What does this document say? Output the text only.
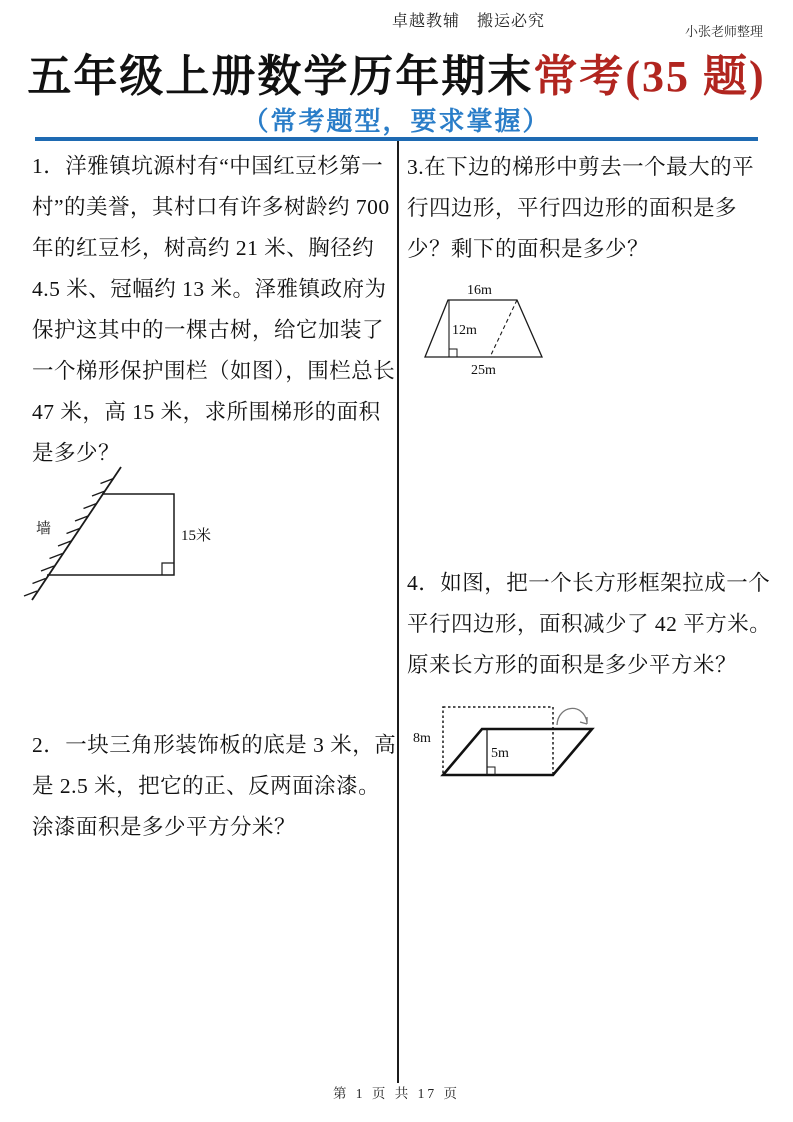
卓越教辅　搬运必究
小张老师整理
五年级上册数学历年期末常考(35 题)
（常考题型，要求掌握）
1．洋雅镇坑源村有“中国红豆杉第一
村”的美誉，其村口有许多树龄约 700
年的红豆杉，树高约 21 米、胸径约
4.5 米、冠幅约 13 米。泽雅镇政府为
保护这其中的一棵古树，给它加装了
一个梯形保护围栏（如图），围栏总长
47 米，高 15 米，求所围梯形的面积
是多少？
墙	15米
2．一块三角形装饰板的底是 3 米，高
是 2.5 米，把它的正、反两面涂漆。
涂漆面积是多少平方分米？
3.在下边的梯形中剪去一个最大的平
行四边形，平行四边形的面积是多
少？剩下的面积是多少？
16m
12m
25m
4．如图，把一个长方形框架拉成一个
平行四边形，面积减少了 42 平方米。
原来长方形的面积是多少平方米？
8m
5m
第 1 页 共 17 页
